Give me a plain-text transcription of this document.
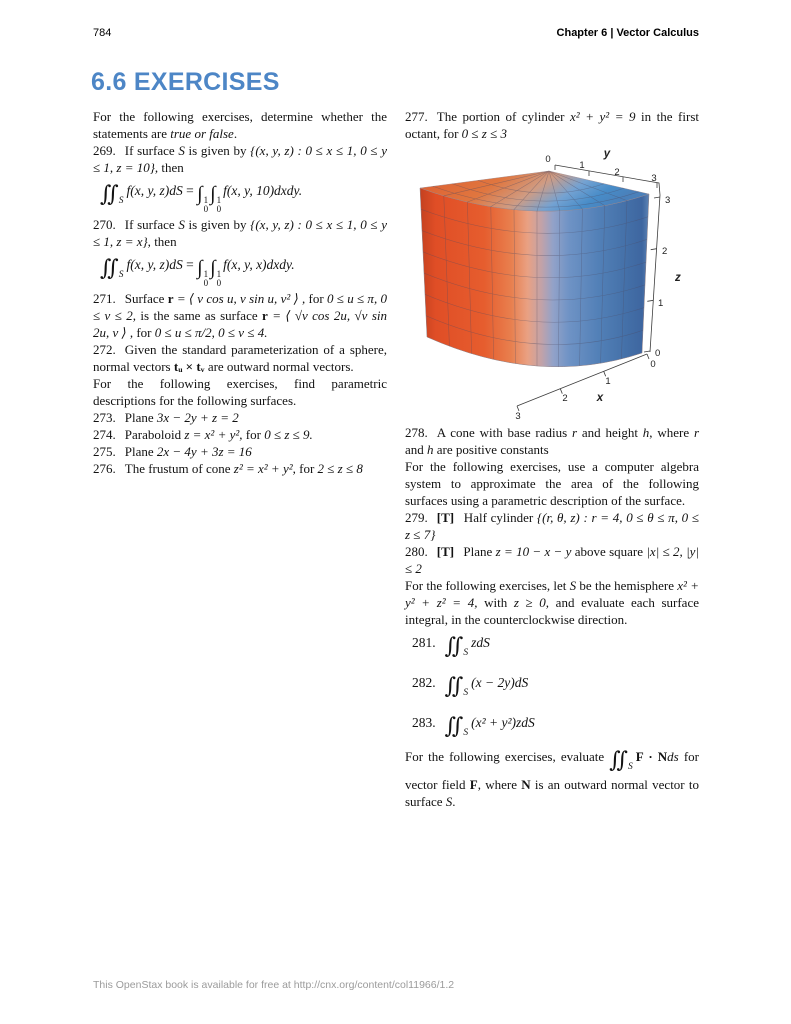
784	Chapter 6 | Vector Calculus
6.6 EXERCISES

For the following exercises, determine whether the statements are true or false.

269. If surface S is given by {(x, y, z) : 0 ≤ x ≤ 1, 0 ≤ y ≤ 1, z = 10}, then

$∬_Sf(x$, y, z)dS = ∫ 1
0
∫ 1
0
f(x, y, 10)dxdy.

270. If surface S is given by {(x, y, z) : 0 ≤ x ≤ 1, 0 ≤ y ≤ 1, z = x}, then

$∬_Sf(x$, y, z)dS = ∫ 1
0
∫ 1
0
f(x, y, x)dxdy.

271. Surface r = ⟨ v cos u, v sin u, v² ⟩ , for 0 ≤ u ≤ π, 0 ≤ v ≤ 2, is the same as surface r = ⟨ √v cos 2u, √v sin 2u, v ⟩ , for 0 ≤ u ≤ π/2, 0 ≤ v ≤ 4.

272. Given the standard parameterization of a sphere, normal vectors tᵤ × tᵥ are outward normal vectors.

For the following exercises, find parametric descriptions for the following surfaces.

273. Plane 3x − 2y + z = 2

274. Paraboloid z = x² + y², for 0 ≤ z ≤ 9.

275. Plane 2x − 4y + 3z = 16

276. The frustum of cone z² = x² + y², for 2 ≤ z ≤ 8

277. The portion of cylinder x² + y² = 9 in the first octant, for 0 ≤ z ≤ 3

0
1
2
3
3
2
1
0
0
1
2
3
y
z
x

278. A cone with base radius r and height h, where r and h are positive constants

For the following exercises, use a computer algebra system to approximate the area of the following surfaces using a parametric description of the surface.

279. [T] Half cylinder {(r, θ, z) : r = 4, 0 ≤ θ ≤ π, 0 ≤ z ≤ 7}

280. [T] Plane z = 10 − x − y above square |x| ≤ 2, |y| ≤ 2

For the following exercises, let S be the hemisphere x² + y² + z² = 4, with z ≥ 0, and evaluate each surface integral, in the counterclockwise direction.

281. $∬_SzdS$

282. $∬_S(x - 2y)dS$

283. $∬_S(x^2 + y^2)zdS$

For the following exercises, evaluate $∬_SF$ · Nds for vector field F, where N is an outward normal vector to surface S.

This OpenStax book is available for free at http://cnx.org/content/col11966/1.2
